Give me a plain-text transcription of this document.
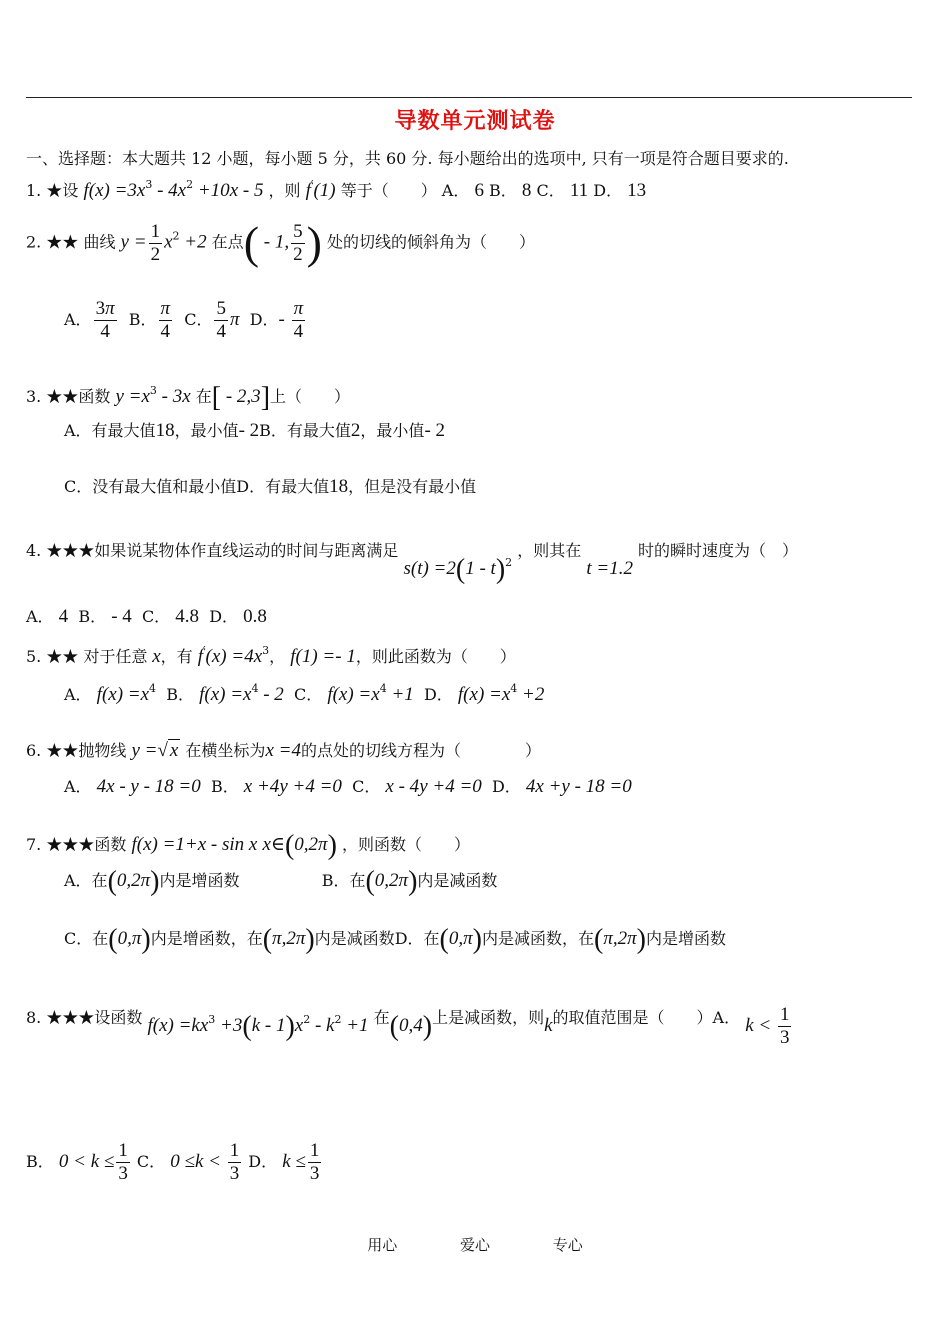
导数单元测试卷
一、选择题：本大题共 12 小题，每小题 5 分，共 60 分. 每小题给出的选项中, 只有一项是符合题目要求的.
1. ★设 $f(x) =3x^3 - 4x^2 +10x - 5$ ，则 f′(1) 等于（　　） A． 6 B． 8 C． 11 D． 13
2. ★★ 曲线 $y = \frac{1}{2} x^2 +2$ 在点( - 1, $\frac{5}{2}$ ) 处的切线的倾斜角为（　　）
A． $\frac{3\pi}{4}$ B． $\frac{\pi}{4}$ C． $\frac{5}{4}$ π D．- $\frac{\pi}{4}$
3. ★★函数 $y =x^3 - 3x$ 在[ - 2,3]上（　　）
A．有最大值18，最小值- 2B．有最大值2，最小值- 2
C．没有最大值和最小值D．有最大值18，但是没有最小值
4. ★★★如果说某物体作直线运动的时间与距离满足 s(t) =2(1 - t)$^2$ ，则其在 t =1.2 时的瞬时速度为（　）
A． 4 B． - 4 C． 4.8 D． 0.8
5. ★★ 对于任意 x，有 $f'(x) =4x^3$， f(1) =- 1，则此函数为（　　）
A． $f(x) =x^4$ B． $f(x) =x^4 - 2$ C． $f(x) =x^4 +1$ D． $f(x) =x^4 +2$
6. ★★抛物线 y =√ x 在横坐标为x =4的点处的切线方程为（　　　　）
A． 4x - y - 18 =0 B． x +4y +4 =0 C． x - 4y +4 =0 D． 4x +y - 18 =0
7. ★★★函数 f(x) =1+x - sin x x∈(0,2π) ，则函数（　　）
A．在(0,2π)内是增函数	B．在(0,2π)内是减函数
C．在(0,π)内是增函数，在(π,2π)内是减函数D．在(0,π)内是减函数，在(π,2π)内是增函数
8. ★★★设函数 $f(x) =kx^3 +3(k - 1)x^2 - k^2 +1$ 在(0,4)上是减函数，则k的取值范围是（　　）A． $k < \frac{1}{3}$
B． $0 < k \le \frac{1}{3}$ C． $0 \le k < \frac{1}{3}$ D． $k \le \frac{1}{3}$
用心	爱心	专心
